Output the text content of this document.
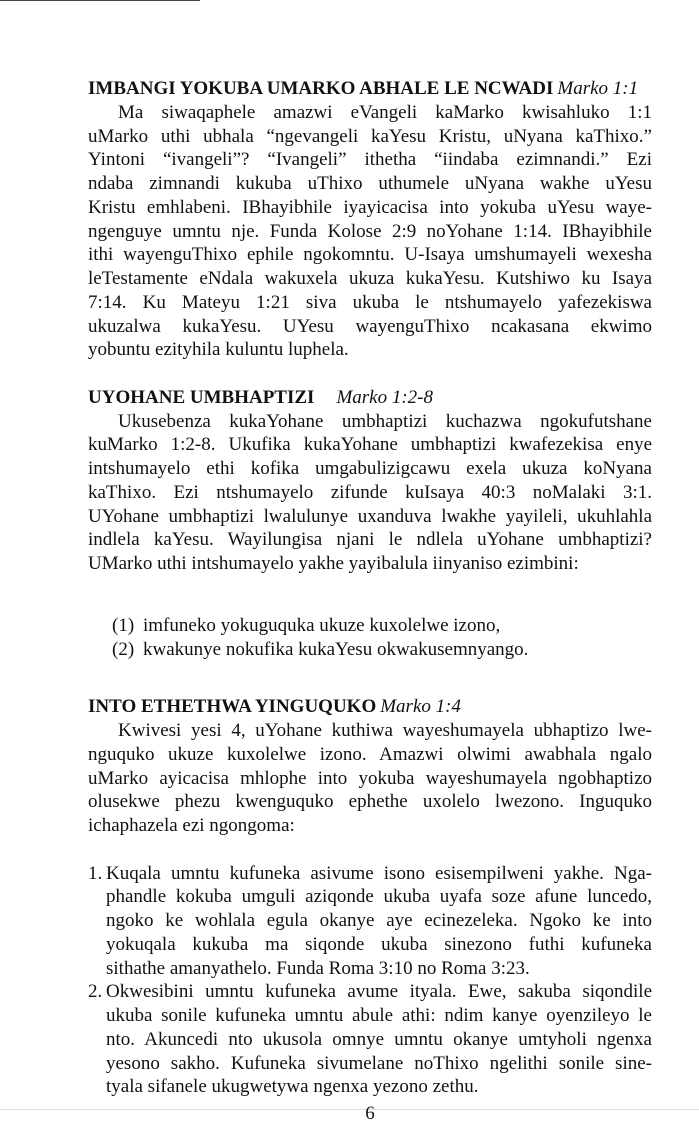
IMBANGI YOKUBA UMARKO ABHALE LE NCWADI Marko 1:1
Ma siwaqaphele amazwi eVangeli kaMarko kwisahluko 1:1
uMarko uthi ubhala “ngevangeli kaYesu Kristu, uNyana kaThixo.”
Yintoni “ivangeli”? “Ivangeli” ithetha “iindaba ezimnandi.” Ezi
ndaba zimnandi kukuba uThixo uthumele uNyana wakhe uYesu
Kristu emhlabeni. IBhayibhile iyayicacisa into yokuba uYesu waye-
ngenguye umntu nje. Funda Kolose 2:9 noYohane 1:14. IBhayibhile
ithi wayenguThixo ephile ngokomntu. U-Isaya umshumayeli wexesha
leTestamente eNdala wakuxela ukuza kukaYesu. Kutshiwo ku Isaya
7:14. Ku Mateyu 1:21 siva ukuba le ntshumayelo yafezekiswa
ukuzalwa kukaYesu. UYesu wayenguThixo ncakasana ekwimo
yobuntu ezityhila kuluntu luphela.
UYOHANE UMBHAPTIZI Marko 1:2-8
Ukusebenza kukaYohane umbhaptizi kuchazwa ngokufutshane
kuMarko 1:2-8. Ukufika kukaYohane umbhaptizi kwafezekisa enye
intshumayelo ethi kofika umgabulizigcawu exela ukuza koNyana
kaThixo. Ezi ntshumayelo zifunde kuIsaya 40:3 noMalaki 3:1.
UYohane umbhaptizi lwalulunye uxanduva lwakhe yayileli, ukuhlahla
indlela kaYesu. Wayilungisa njani le ndlela uYohane umbhaptizi?
UMarko uthi intshumayelo yakhe yayibalula iinyaniso ezimbini:
(1) imfuneko yokuguquka ukuze kuxolelwe izono,
(2) kwakunye nokufika kukaYesu okwakusemnyango.
INTO ETHETHWA YINGUQUKO Marko 1:4
Kwivesi yesi 4, uYohane kuthiwa wayeshumayela ubhaptizo lwe-
nguquko ukuze kuxolelwe izono. Amazwi olwimi awabhala ngalo
uMarko ayicacisa mhlophe into yokuba wayeshumayela ngobhaptizo
olusekwe phezu kwenguquko ephethe uxolelo lwezono. Inguquko
ichaphazela ezi ngongoma:
1. Kuqala umntu kufuneka asivume isono esisempilweni yakhe. Nga-
phandle kokuba umguli aziqonde ukuba uyafa soze afune luncedo,
ngoko ke wohlala egula okanye aye ecinezeleka. Ngoko ke into
yokuqala kukuba ma siqonde ukuba sinezono futhi kufuneka
sithathe amanyathelo. Funda Roma 3:10 no Roma 3:23.
2. Okwesibini umntu kufuneka avume ityala. Ewe, sakuba siqondile
ukuba sonile kufuneka umntu abule athi: ndim kanye oyenzileyo le
nto. Akuncedi nto ukusola omnye umntu okanye umtyholi ngenxa
yesono sakho. Kufuneka sivumelane noThixo ngelithi sonile sine-
tyala sifanele ukugwetywa ngenxa yezono zethu.
6
